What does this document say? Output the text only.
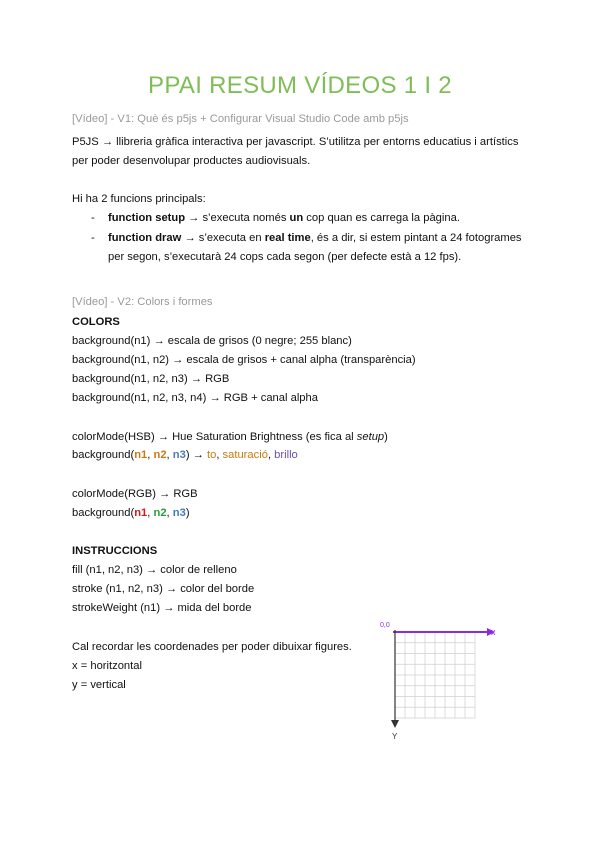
PPAI RESUM VÍDEOS 1 I 2
[Vídeo] - V1: Què és p5js + Configurar Visual Studio Code amb p5js
P5JS → llibreria gràfica interactiva per javascript. S’utilitza per entorns educatius i artístics
per poder desenvolupar productes audiovisuals.
Hi ha 2 funcions principals:
- function setup → s’executa només un cop quan es carrega la pàgina.
- function draw → s’executa en real time, és a dir, si estem pintant a 24 fotogrames
per segon, s’executarà 24 cops cada segon (per defecte està a 12 fps).
[Vídeo] - V2: Colors i formes
COLORS
background(n1) → escala de grisos (0 negre; 255 blanc)
background(n1, n2) → escala de grisos + canal alpha (transparència)
background(n1, n2, n3) → RGB
background(n1, n2, n3, n4) → RGB + canal alpha
colorMode(HSB) → Hue Saturation Brightness (es fica al setup)
background(n1, n2, n3) → to, saturació, brillo
colorMode(RGB) → RGB
background(n1, n2, n3)
INSTRUCCIONS
fill (n1, n2, n3) → color de relleno
stroke (n1, n2, n3) → color del borde
strokeWeight (n1) → mida del borde
Cal recordar les coordenades per poder dibuixar figures.
x = horitzontal
y = vertical
0,0
x
Y
